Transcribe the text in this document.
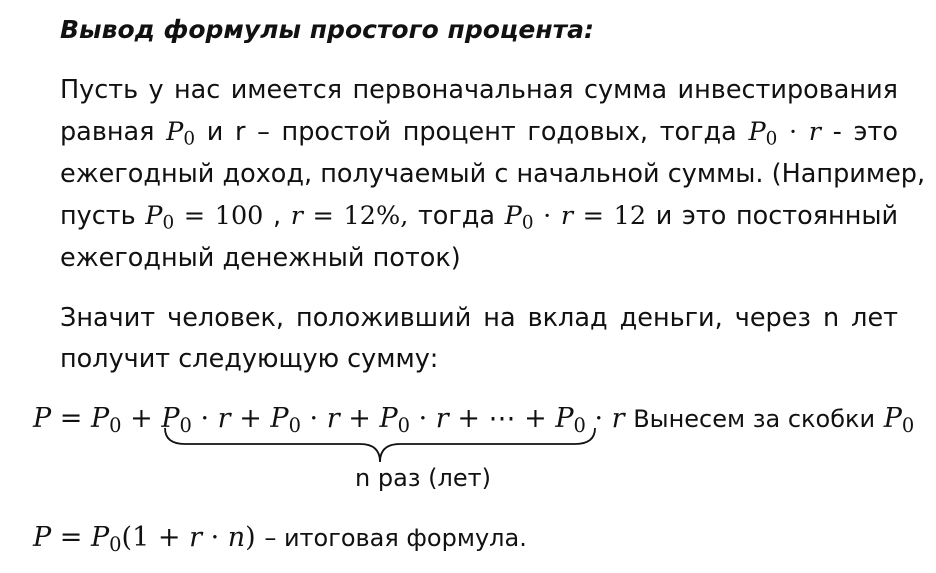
Вывод формулы простого процента:
Пусть у нас имеется первоначальная сумма инвестирования
равная $P_0$ и r – простой процент годовых, тогда $P_0 \cdot r$ - это
ежегодный доход, получаемый с начальной суммы. (Например,
пусть $P_0 = 100$ , r = 12%, тогда $P_0 \cdot r = 12$ и это постоянный
ежегодный денежный поток)
Значит человек, положивший на вклад деньги, через n лет
получит следующую сумму:
$P = P_0 + P_0 \cdot r + P_0 \cdot r + P_0 \cdot r$ + ⋯ + $P_0 \cdot r$ Вынесем за скобки $P_0$
n раз (лет)
$P = P_0(1 + r \cdot n)$ – итоговая формула.
